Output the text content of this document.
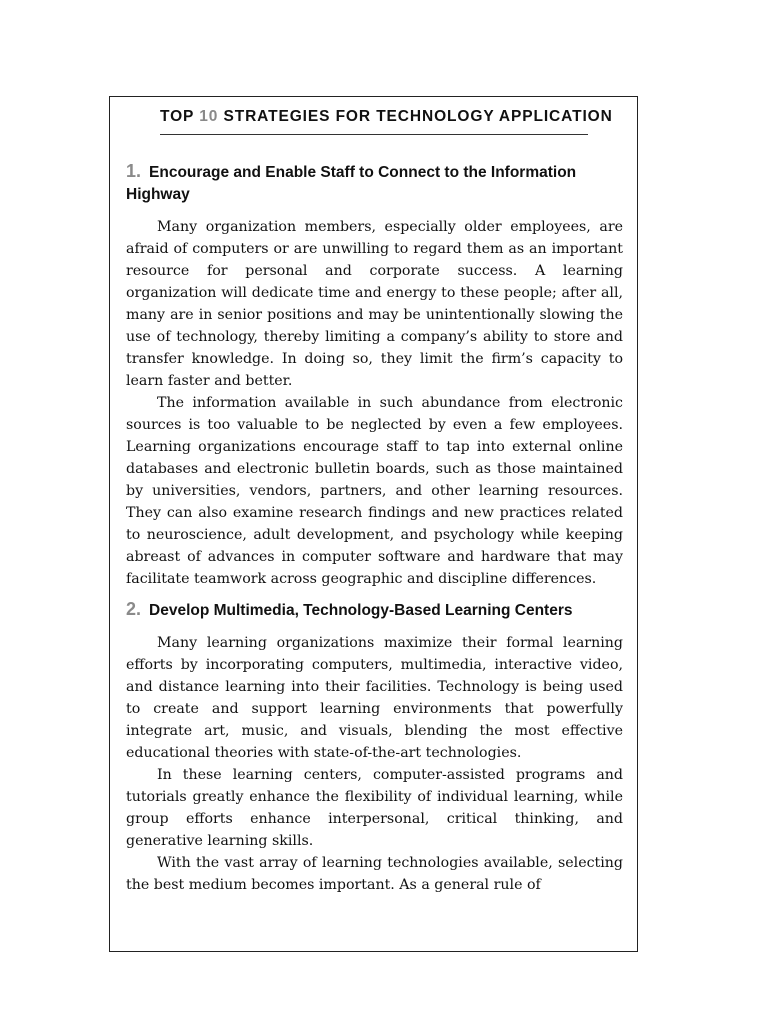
TOP 10 STRATEGIES FOR TECHNOLOGY APPLICATION
1. Encourage and Enable Staff to Connect to the Information Highway

Many organization members, especially older employees, are afraid of computers or are unwilling to regard them as an important resource for personal and corporate success. A learning organization will dedicate time and energy to these people; after all, many are in senior positions and may be unintentionally slowing the use of technology, thereby limiting a company’s ability to store and transfer knowledge. In doing so, they limit the firm’s capacity to learn faster and better.

The information available in such abundance from electronic sources is too valuable to be neglected by even a few employees. Learning organizations encourage staff to tap into external online databases and electronic bulletin boards, such as those maintained by universities, vendors, partners, and other learning resources. They can also examine research findings and new practices related to neuroscience, adult development, and psychology while keeping abreast of advances in computer software and hardware that may facilitate teamwork across geographic and discipline differences.

2. Develop Multimedia, Technology-Based Learning Centers

Many learning organizations maximize their formal learning efforts by incorporating computers, multimedia, interactive video, and distance learning into their facilities. Technology is being used to create and support learning environments that powerfully integrate art, music, and visuals, blending the most effective educational theories with state-of-the-art technologies.

In these learning centers, computer-assisted programs and tutorials greatly enhance the flexibility of individual learning, while group efforts enhance interpersonal, critical thinking, and generative learning skills.

With the vast array of learning technologies available, selecting the best medium becomes important. As a general rule of
